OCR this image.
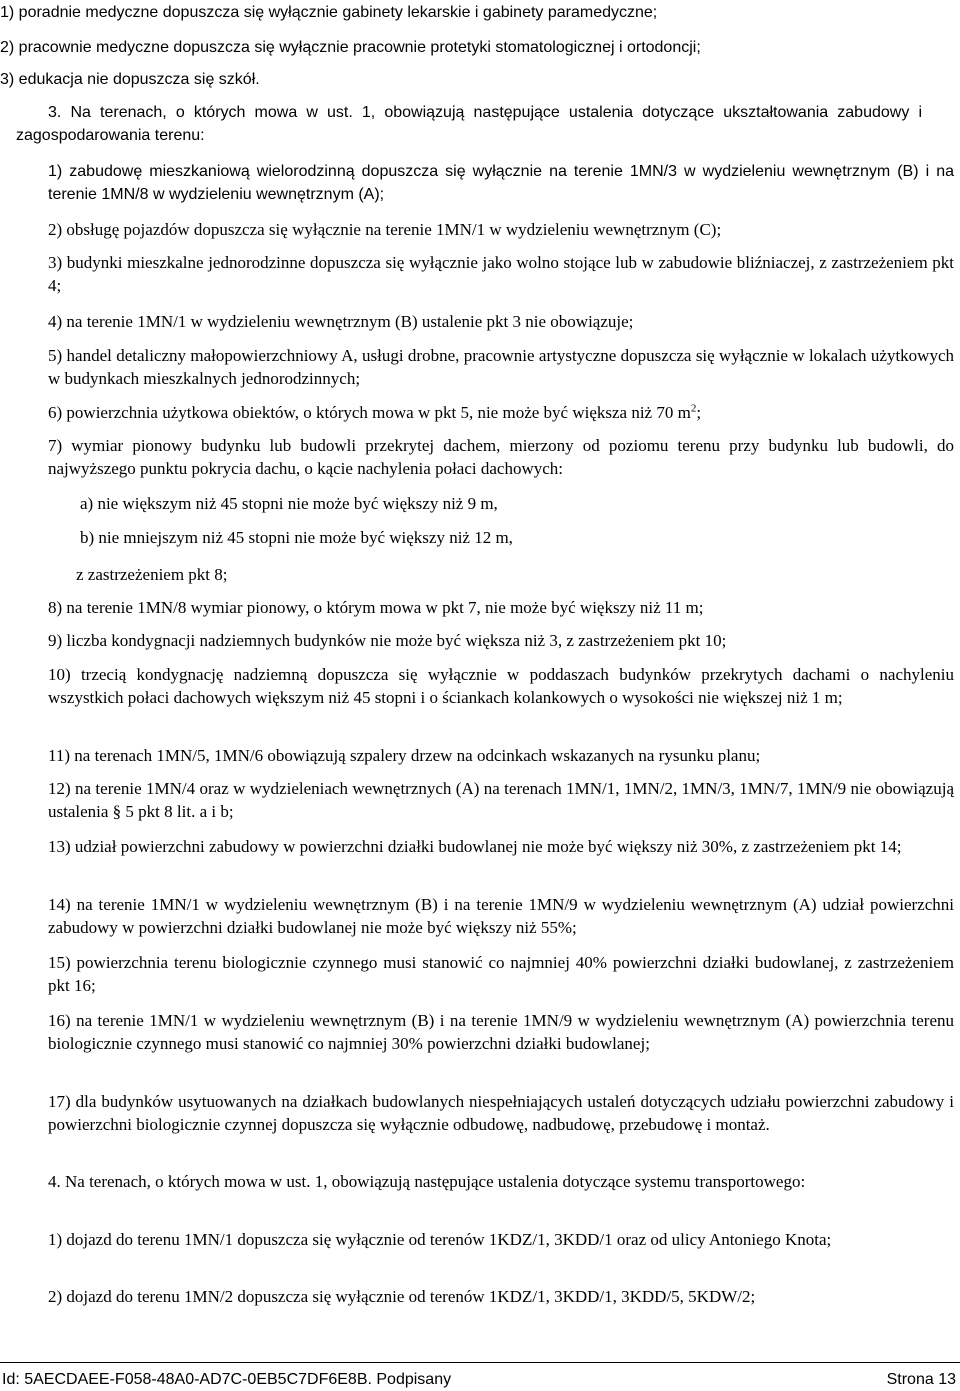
1) poradnie medyczne dopuszcza się wyłącznie gabinety lekarskie i gabinety paramedyczne;

2) pracownie medyczne dopuszcza się wyłącznie pracownie protetyki stomatologicznej i ortodoncji;

3) edukacja nie dopuszcza się szkół.

3. Na terenach, o których mowa w ust. 1, obowiązują następujące ustalenia dotyczące ukształtowania zabudowy i zagospodarowania terenu:

1) zabudowę mieszkaniową wielorodzinną dopuszcza się wyłącznie na terenie 1MN/3 w wydzieleniu wewnętrznym (B) i na terenie 1MN/8 w wydzieleniu wewnętrznym (A);

2) obsługę pojazdów dopuszcza się wyłącznie na terenie 1MN/1 w wydzieleniu wewnętrznym (C);

3) budynki mieszkalne jednorodzinne dopuszcza się wyłącznie jako wolno stojące lub w zabudowie bliźniaczej, z zastrzeżeniem pkt 4;

4) na terenie 1MN/1 w wydzieleniu wewnętrznym (B) ustalenie pkt 3 nie obowiązuje;

5) handel detaliczny małopowierzchniowy A, usługi drobne, pracownie artystyczne dopuszcza się wyłącznie w lokalach użytkowych w budynkach mieszkalnych jednorodzinnych;

6) powierzchnia użytkowa obiektów, o których mowa w pkt 5, nie może być większa niż 70 $m^2$;

7) wymiar pionowy budynku lub budowli przekrytej dachem, mierzony od poziomu terenu przy budynku lub budowli, do najwyższego punktu pokrycia dachu, o kącie nachylenia połaci dachowych:

a) nie większym niż 45 stopni nie może być większy niż 9 m,

b) nie mniejszym niż 45 stopni nie może być większy niż 12 m,

z zastrzeżeniem pkt 8;

8) na terenie 1MN/8 wymiar pionowy, o którym mowa w pkt 7, nie może być większy niż 11 m;

9) liczba kondygnacji nadziemnych budynków nie może być większa niż 3, z zastrzeżeniem pkt 10;

10) trzecią kondygnację nadziemną dopuszcza się wyłącznie w poddaszach budynków przekrytych dachami o nachyleniu wszystkich połaci dachowych większym niż 45 stopni i o ściankach kolankowych o wysokości nie większej niż 1 m;

11) na terenach 1MN/5, 1MN/6 obowiązują szpalery drzew na odcinkach wskazanych na rysunku planu;

12) na terenie 1MN/4 oraz w wydzieleniach wewnętrznych (A) na terenach 1MN/1, 1MN/2, 1MN/3, 1MN/7, 1MN/9 nie obowiązują ustalenia § 5 pkt 8 lit. a i b;

13) udział powierzchni zabudowy w powierzchni działki budowlanej nie może być większy niż 30%, z zastrzeżeniem pkt 14;

14) na terenie 1MN/1 w wydzieleniu wewnętrznym (B) i na terenie 1MN/9 w wydzieleniu wewnętrznym (A) udział powierzchni zabudowy w powierzchni działki budowlanej nie może być większy niż 55%;

15) powierzchnia terenu biologicznie czynnego musi stanowić co najmniej 40% powierzchni działki budowlanej, z zastrzeżeniem pkt 16;

16) na terenie 1MN/1 w wydzieleniu wewnętrznym (B) i na terenie 1MN/9 w wydzieleniu wewnętrznym (A) powierzchnia terenu biologicznie czynnego musi stanowić co najmniej 30% powierzchni działki budowlanej;

17) dla budynków usytuowanych na działkach budowlanych niespełniających ustaleń dotyczących udziału powierzchni zabudowy i powierzchni biologicznie czynnej dopuszcza się wyłącznie odbudowę, nadbudowę, przebudowę i montaż.

4. Na terenach, o których mowa w ust. 1, obowiązują następujące ustalenia dotyczące systemu transportowego:

1) dojazd do terenu 1MN/1 dopuszcza się wyłącznie od terenów 1KDZ/1, 3KDD/1 oraz od ulicy Antoniego Knota;

2) dojazd do terenu 1MN/2 dopuszcza się wyłącznie od terenów 1KDZ/1, 3KDD/1, 3KDD/5, 5KDW/2;

Id: 5AECDAEE-F058-48A0-AD7C-0EB5C7DF6E8B. Podpisany	Strona 13
